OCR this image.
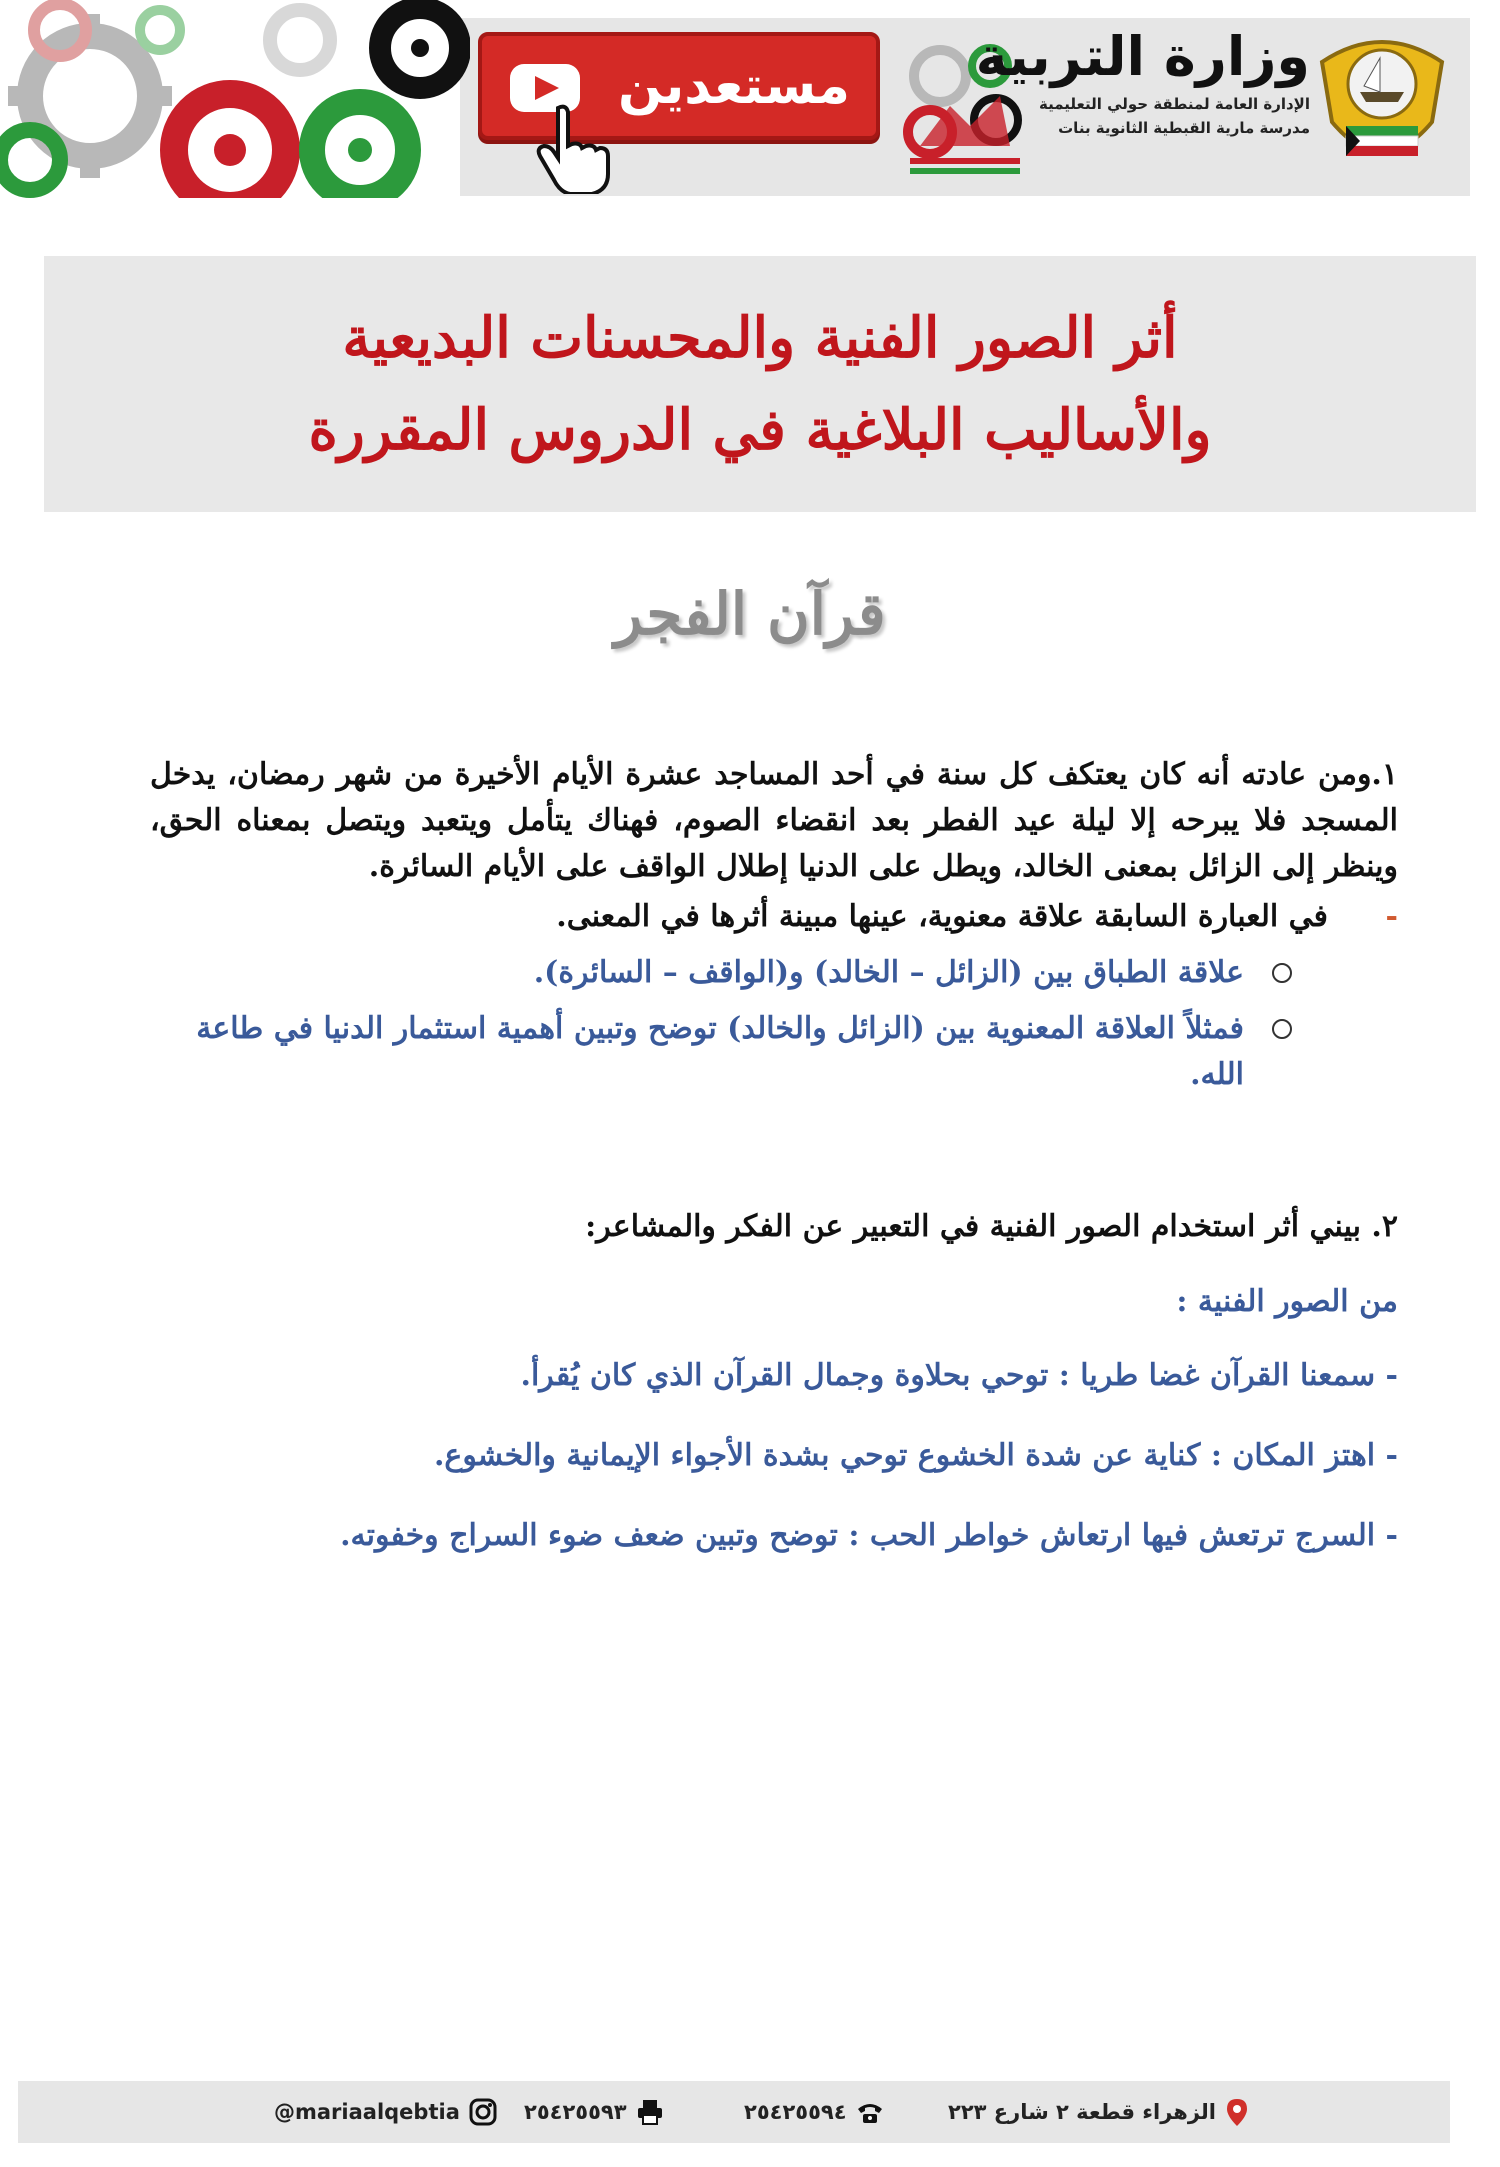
مستعدين وزارة التربية
الإدارة العامة لمنطقة حولي التعليمية
مدرسة مارية القبطية الثانوية بنات
أثر الصور الفنية والمحسنات البديعية
والأساليب البلاغية في الدروس المقررة
قرآن الفجر
١.ومن عادته أنه كان يعتكف كل سنة في أحد المساجد عشرة الأيام الأخيرة من شهر رمضان، يدخل المسجد فلا يبرحه إلا ليلة عيد الفطر بعد انقضاء الصوم، فهناك يتأمل ويتعبد ويتصل بمعناه الحق، وينظر إلى الزائل بمعنى الخالد، ويطل على الدنيا إطلال الواقف على الأيام السائرة.
-
في العبارة السابقة علاقة معنوية، عينها مبينة أثرها في المعنى.
علاقة الطباق بين (الزائل – الخالد) و(الواقف – السائرة).
فمثلاً العلاقة المعنوية بين (الزائل والخالد) توضح وتبين أهمية استثمار الدنيا في طاعة الله.
٢. بيني أثر استخدام الصور الفنية في التعبير عن الفكر والمشاعر:
من الصور الفنية :
- سمعنا القرآن غضا طريا : توحي بحلاوة وجمال القرآن الذي كان يُقرأ.
- اهتز المكان : كناية عن شدة الخشوع توحي بشدة الأجواء الإيمانية والخشوع.
- السرج ترتعش فيها ارتعاش خواطر الحب : توضح وتبين ضعف ضوء السراج وخفوته.
@mariaalqebtia	٢٥٤٢٥٥٩٣	٢٥٤٢٥٥٩٤	الزهراء قطعة ٢ شارع ٢٢٣
